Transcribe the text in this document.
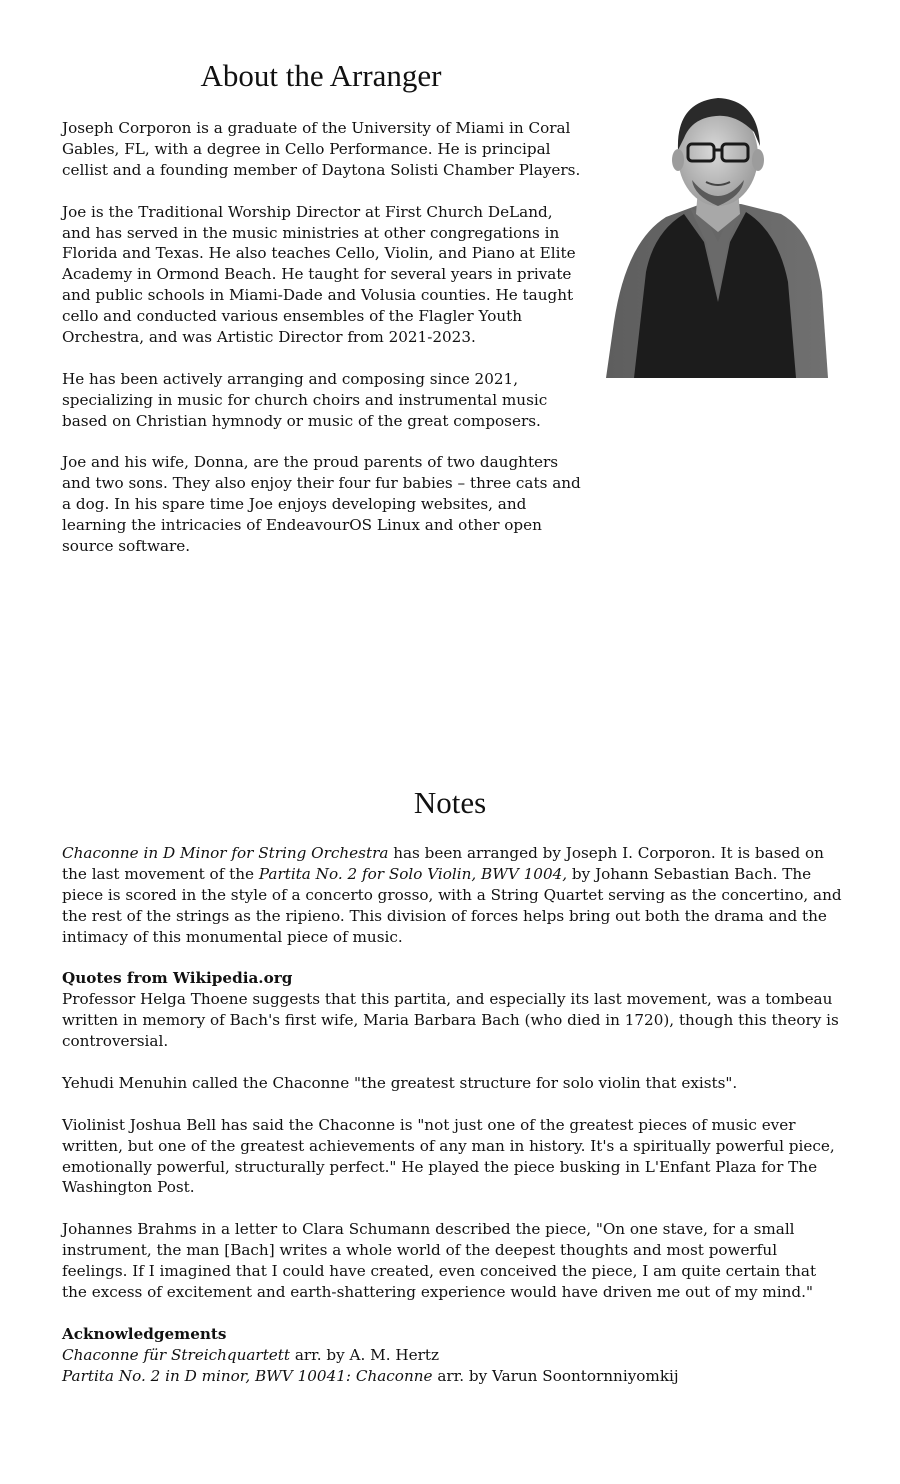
About the Arranger

Joseph Corporon is a graduate of the University of Miami in Coral Gables, FL, with a degree in Cello Performance. He is principal cellist and a founding member of Daytona Solisti Chamber Players.

Joe is the Traditional Worship Director at First Church DeLand, and has served in the music ministries at other congregations in Florida and Texas. He also teaches Cello, Violin, and Piano at Elite Academy in Ormond Beach. He taught for several years in private and public schools in Miami-Dade and Volusia counties. He taught cello and conducted various ensembles of the Flagler Youth Orchestra, and was Artistic Director from 2021-2023.

He has been actively arranging and composing since 2021, specializing in music for church choirs and instrumental music based on Christian hymnody or music of the great composers.

Joe and his wife, Donna, are the proud parents of two daughters and two sons. They also enjoy their four fur babies – three cats and a dog. In his spare time Joe enjoys developing websites, and learning the intricacies of EndeavourOS Linux and other open source software.

Notes

Chaconne in D Minor for String Orchestra has been arranged by Joseph I. Corporon. It is based on the last movement of the Partita No. 2 for Solo Violin, BWV 1004, by Johann Sebastian Bach. The piece is scored in the style of a concerto grosso, with a String Quartet serving as the concertino, and the rest of the strings as the ripieno. This division of forces helps bring out both the drama and the intimacy of this monumental piece of music.

Quotes from Wikipedia.org
Professor Helga Thoene suggests that this partita, and especially its last movement, was a tombeau written in memory of Bach's first wife, Maria Barbara Bach (who died in 1720), though this theory is controversial.

Yehudi Menuhin called the Chaconne "the greatest structure for solo violin that exists".

Violinist Joshua Bell has said the Chaconne is "not just one of the greatest pieces of music ever written, but one of the greatest achievements of any man in history. It's a spiritually powerful piece, emotionally powerful, structurally perfect." He played the piece busking in L'Enfant Plaza for The Washington Post.

Johannes Brahms in a letter to Clara Schumann described the piece, "On one stave, for a small instrument, the man [Bach] writes a whole world of the deepest thoughts and most powerful feelings. If I imagined that I could have created, even conceived the piece, I am quite certain that the excess of excitement and earth-shattering experience would have driven me out of my mind."

Acknowledgements

Chaconne für Streichquartett arr. by A. M. Hertz

Partita No. 2 in D minor, BWV 10041: Chaconne arr. by Varun Soontornniyomkij
